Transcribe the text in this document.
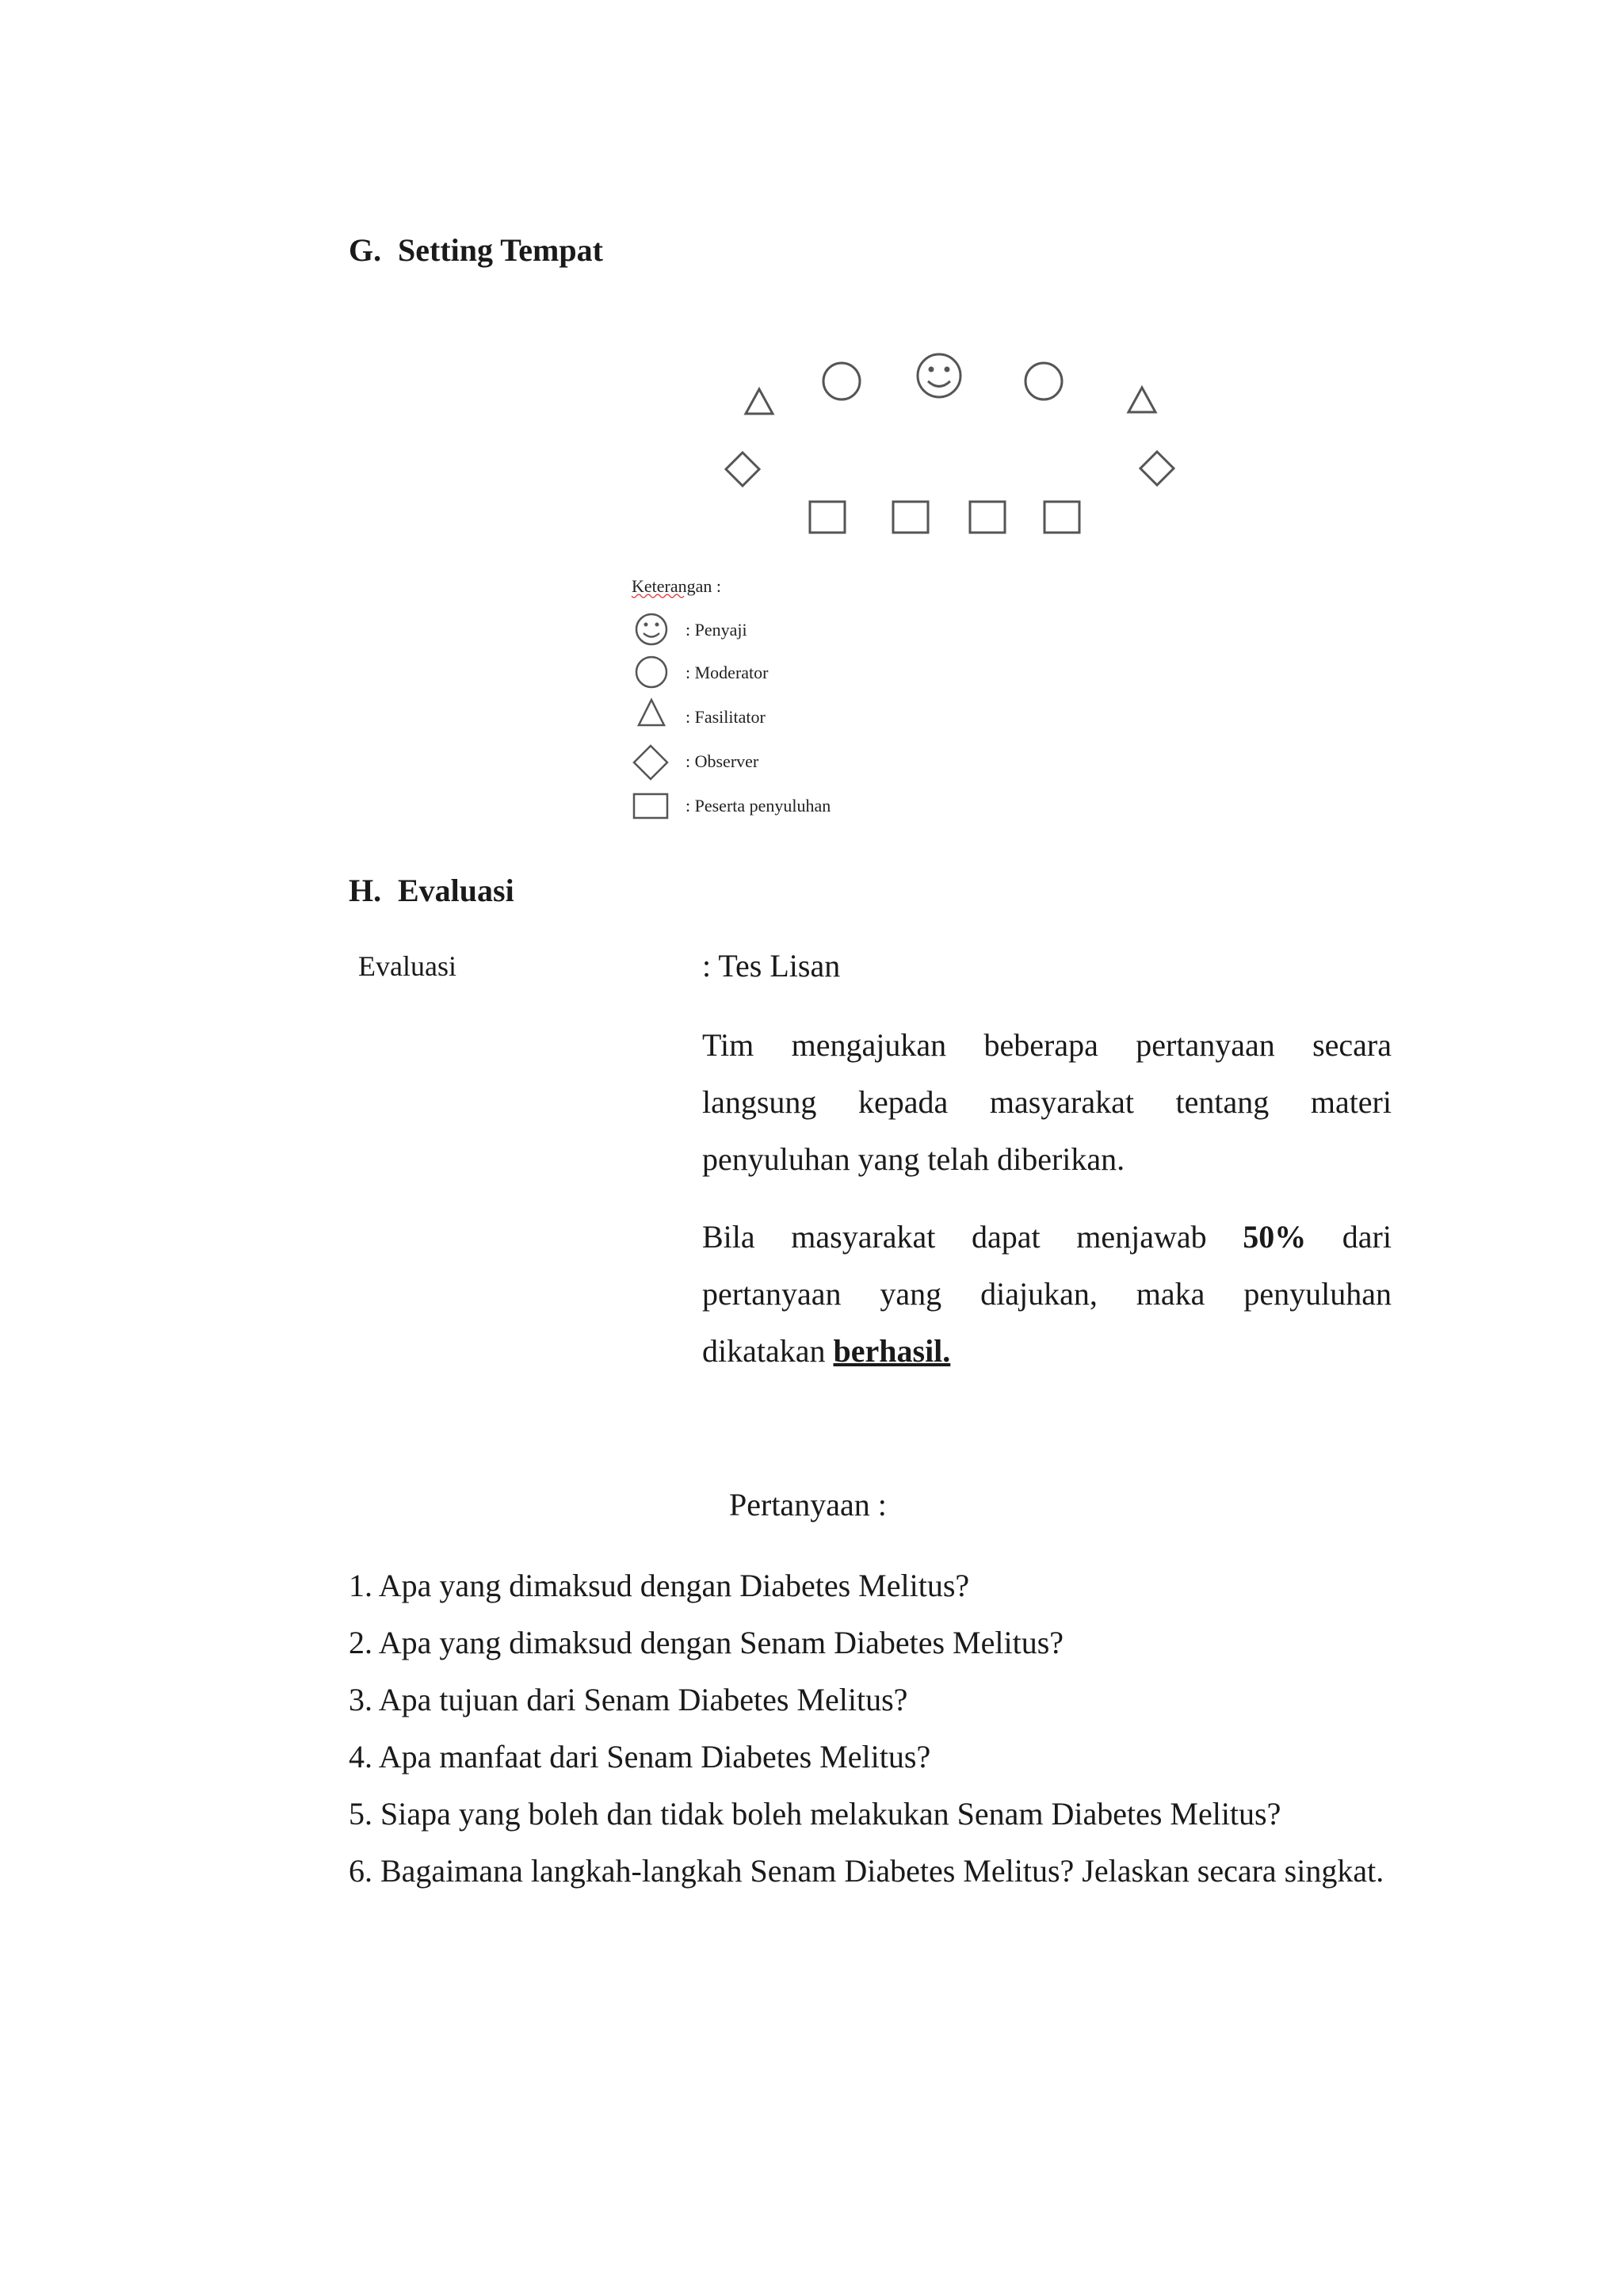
G. Setting Tempat
Keterangan :
: Penyaji
: Moderator
: Fasilitator
: Observer
: Peserta penyuluhan
H. Evaluasi
Evaluasi	: Tes Lisan
Tim mengajukan beberapa pertanyaan secara langsung kepada masyarakat tentang materi penyuluhan yang telah diberikan.
Bila masyarakat dapat menjawab 50% dari pertanyaan yang diajukan, maka penyuluhan dikatakan berhasil.
Pertanyaan :
1. Apa yang dimaksud dengan Diabetes Melitus?
2. Apa yang dimaksud dengan Senam Diabetes Melitus?
3. Apa tujuan dari Senam Diabetes Melitus?
4. Apa manfaat dari Senam Diabetes Melitus?
5. Siapa yang boleh dan tidak boleh melakukan Senam Diabetes Melitus?
6. Bagaimana langkah-langkah Senam Diabetes Melitus? Jelaskan secara singkat.
